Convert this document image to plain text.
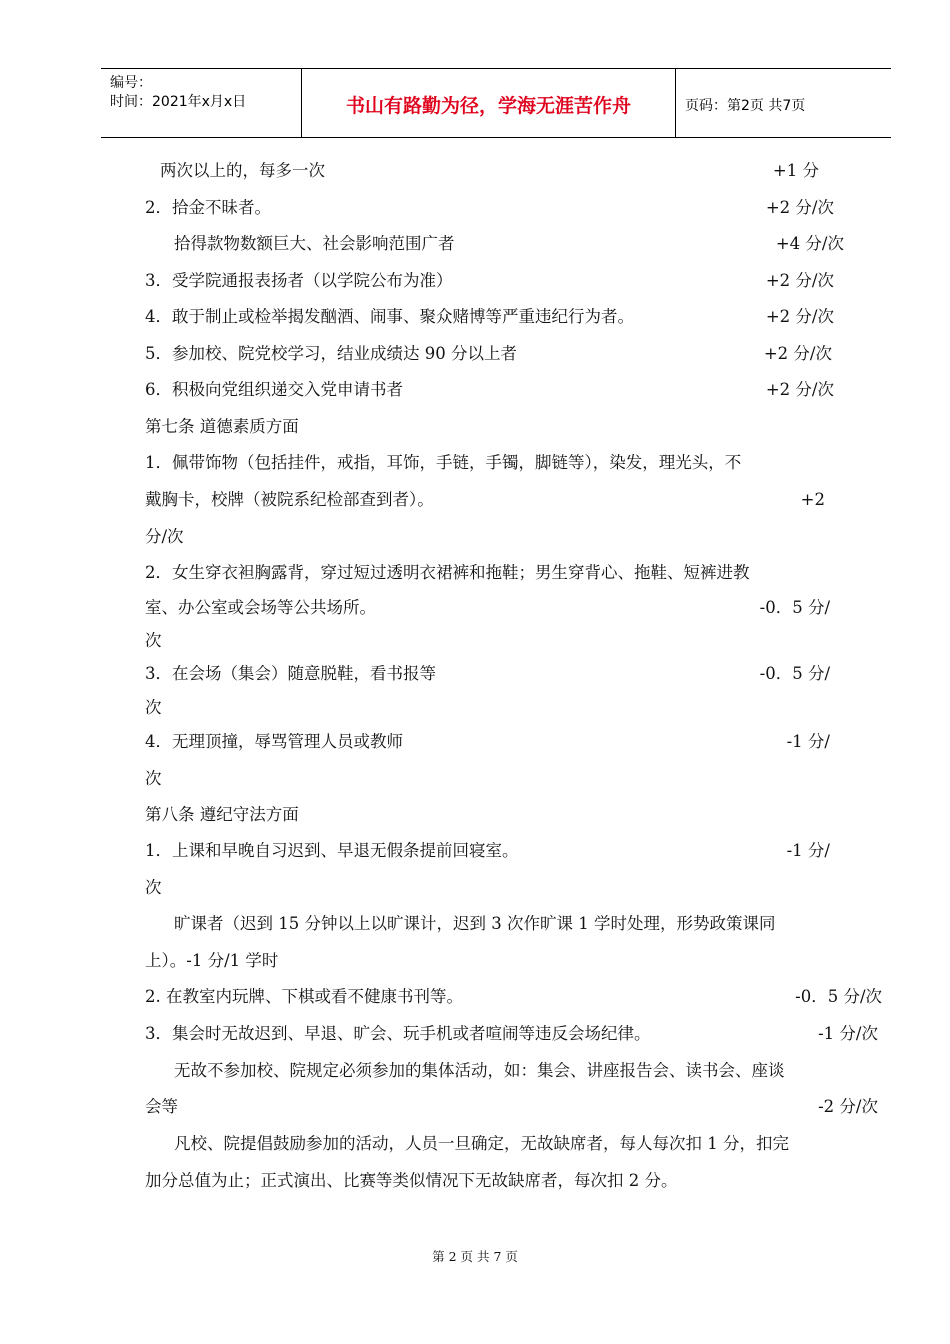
编号：
时间：2021年x月x日	书山有路勤为径，学海无涯苦作舟	页码：第2页 共7页
两次以上的，每多一次	+1 分
2．拾金不昧者。	+2 分/次
拾得款物数额巨大、社会影响范围广者	+4 分/次
3．受学院通报表扬者（以学院公布为准）	+2 分/次
4．敢于制止或检举揭发酗酒、闹事、聚众赌博等严重违纪行为者。	+2 分/次
5．参加校、院党校学习，结业成绩达 90 分以上者	+2 分/次
6．积极向党组织递交入党申请书者	+2 分/次
第七条 道德素质方面
1．佩带饰物（包括挂件，戒指，耳饰，手链，手镯，脚链等），染发，理光头，不
戴胸卡，校牌（被院系纪检部查到者）。	+2
分/次
2．女生穿衣袒胸露背，穿过短过透明衣裙裤和拖鞋；男生穿背心、拖鞋、短裤进教
室、办公室或会场等公共场所。	-0．5 分/
次
3．在会场（集会）随意脱鞋，看书报等	-0．5 分/
次
4．无理顶撞，辱骂管理人员或教师	-1 分/
次
第八条 遵纪守法方面
1．上课和早晚自习迟到、早退无假条提前回寝室。	-1 分/
次
旷课者（迟到 15 分钟以上以旷课计，迟到 3 次作旷课 1 学时处理，形势政策课同
上）。-1 分/1 学时
2. 在教室内玩牌、下棋或看不健康书刊等。	-0．5 分/次
3．集会时无故迟到、早退、旷会、玩手机或者喧闹等违反会场纪律。	-1 分/次
无故不参加校、院规定必须参加的集体活动，如：集会、讲座报告会、读书会、座谈
会等	-2 分/次
凡校、院提倡鼓励参加的活动，人员一旦确定，无故缺席者，每人每次扣 1 分，扣完
加分总值为止；正式演出、比赛等类似情况下无故缺席者，每次扣 2 分。
第 2 页 共 7 页
